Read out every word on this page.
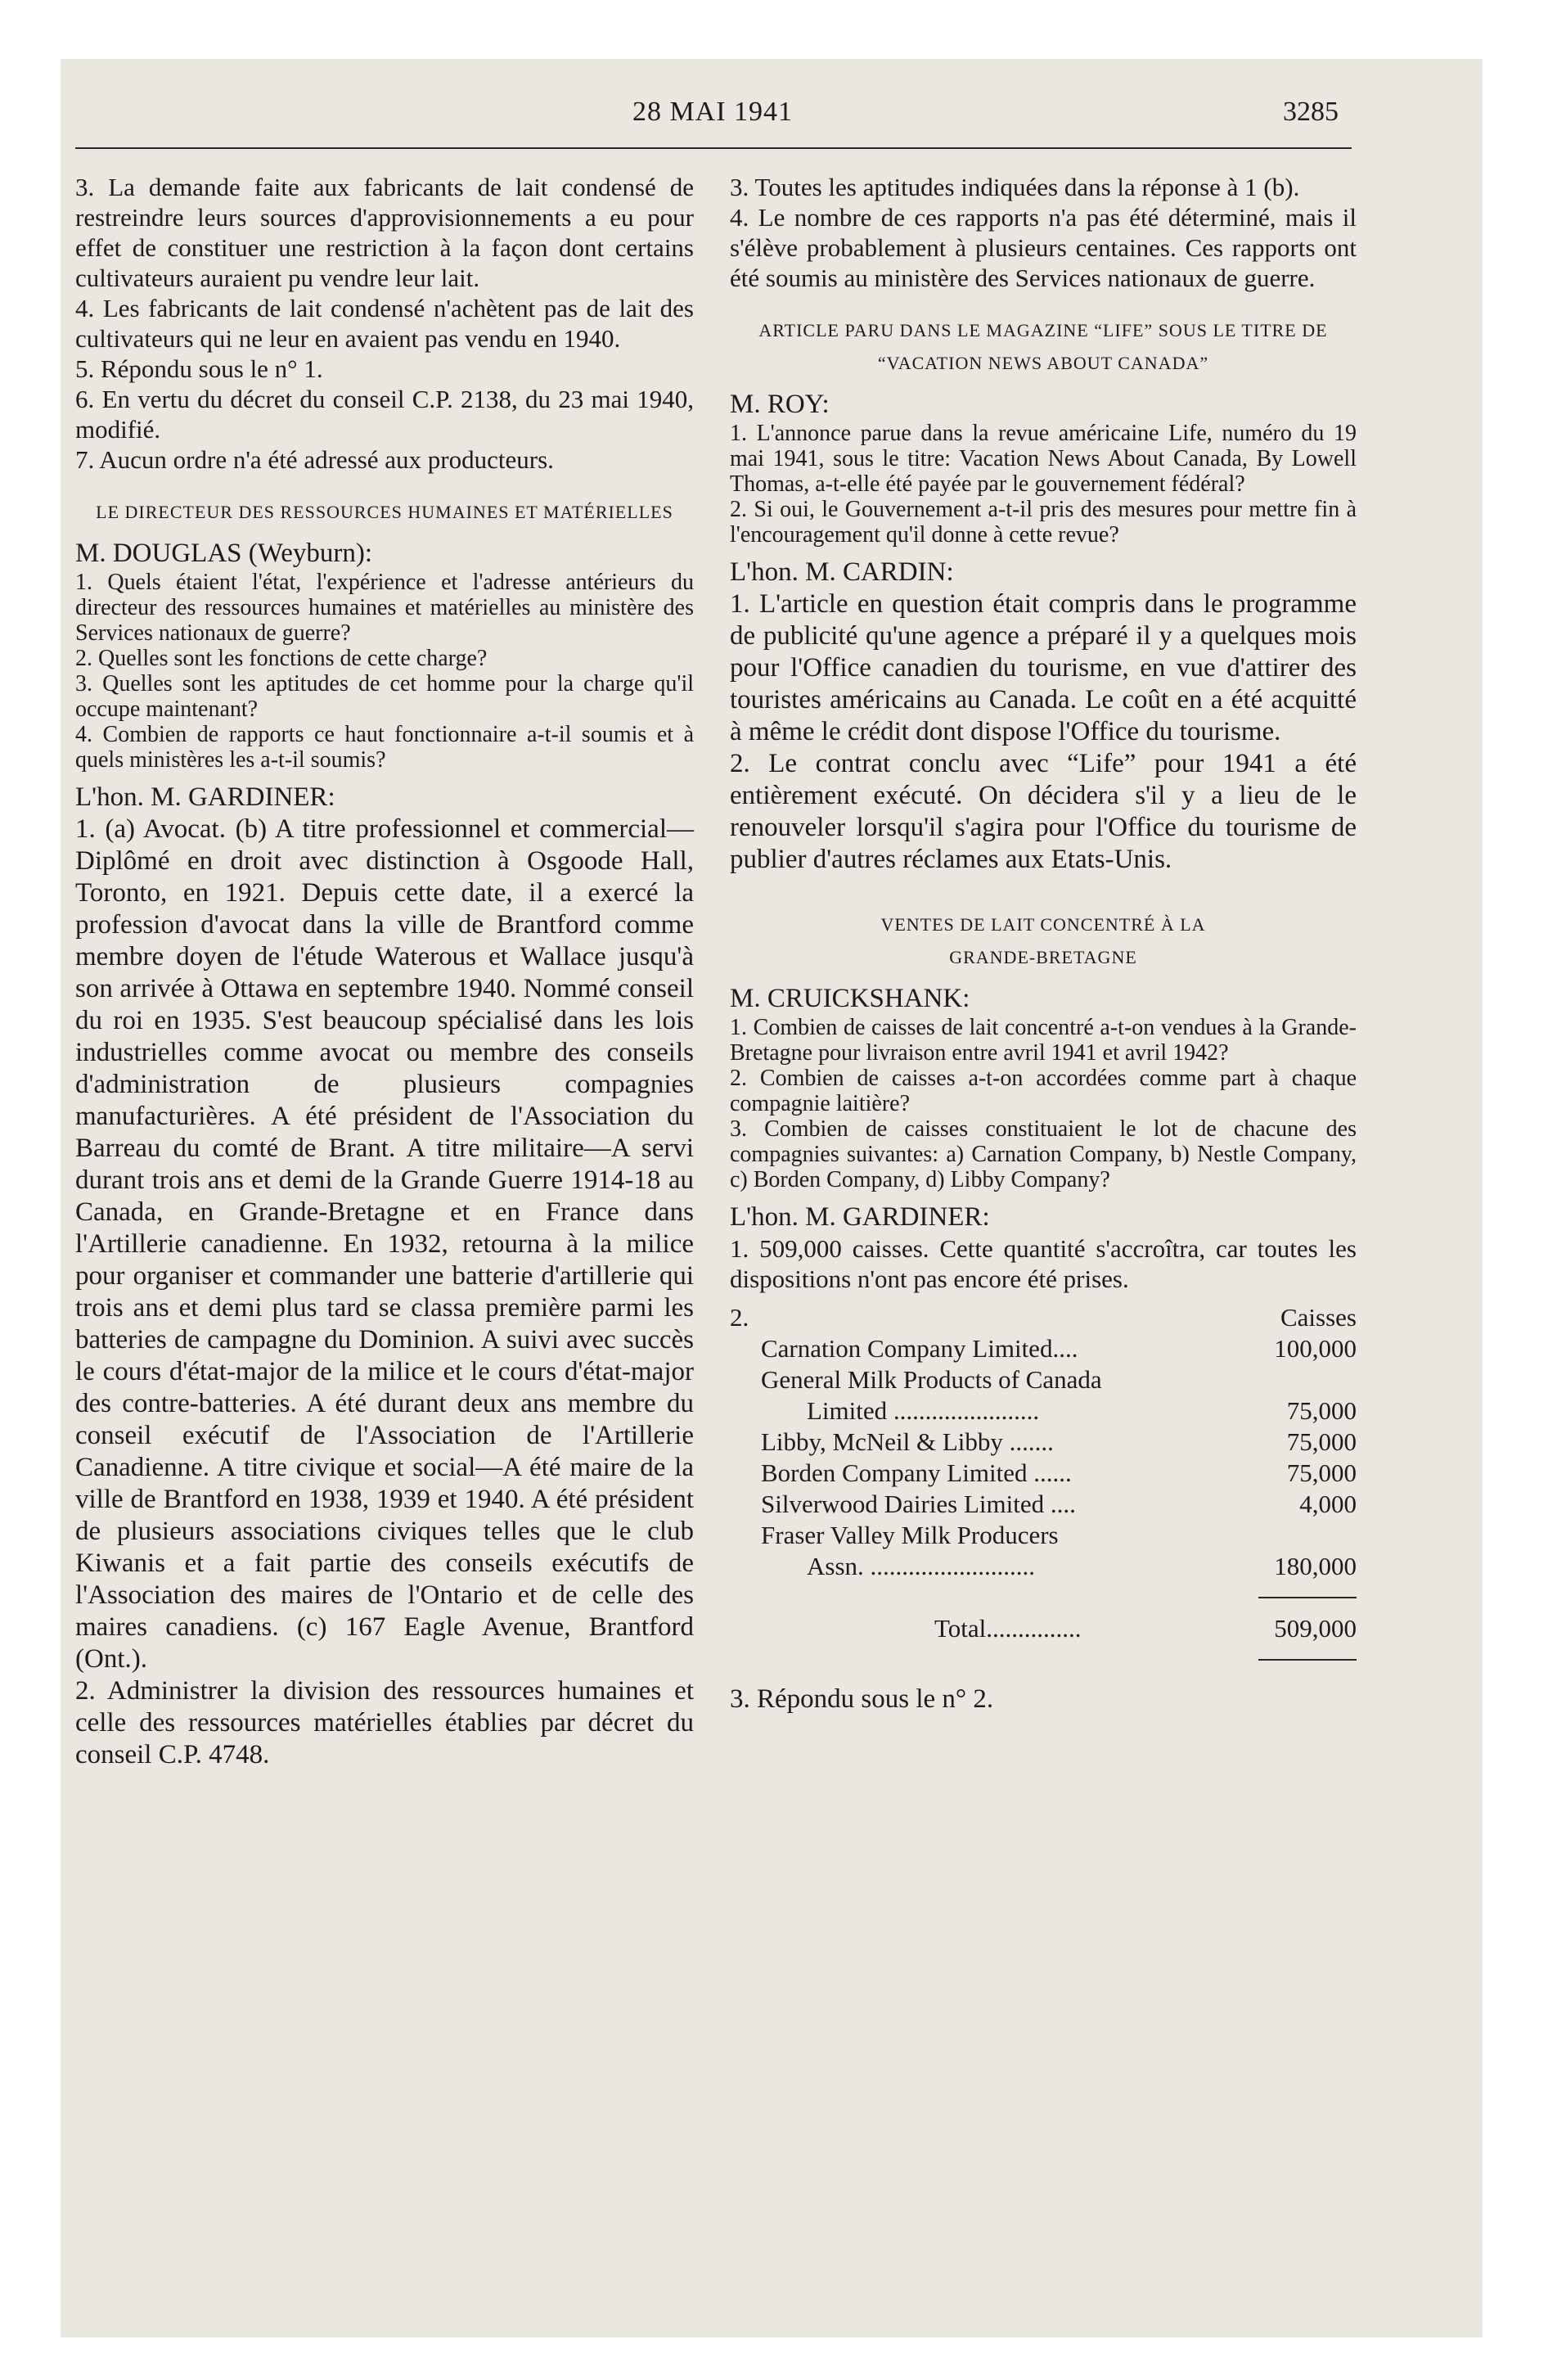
28 MAI 1941	3285

3. La demande faite aux fabricants de lait condensé de restreindre leurs sources d'approvisionnements a eu pour effet de constituer une restriction à la façon dont certains cultivateurs auraient pu vendre leur lait.

4. Les fabricants de lait condensé n'achètent pas de lait des cultivateurs qui ne leur en avaient pas vendu en 1940.

5. Répondu sous le n° 1.

6. En vertu du décret du conseil C.P. 2138, du 23 mai 1940, modifié.

7. Aucun ordre n'a été adressé aux producteurs.

LE DIRECTEUR DES RESSOURCES HUMAINES ET MATÉRIELLES

M. DOUGLAS (Weyburn):

1. Quels étaient l'état, l'expérience et l'adresse antérieurs du directeur des ressources humaines et matérielles au ministère des Services nationaux de guerre?

2. Quelles sont les fonctions de cette charge?

3. Quelles sont les aptitudes de cet homme pour la charge qu'il occupe maintenant?

4. Combien de rapports ce haut fonctionnaire a-t-il soumis et à quels ministères les a-t-il soumis?

L'hon. M. GARDINER:

1. (a) Avocat. (b) A titre professionnel et commercial—Diplômé en droit avec distinction à Osgoode Hall, Toronto, en 1921. Depuis cette date, il a exercé la profession d'avocat dans la ville de Brantford comme membre doyen de l'étude Waterous et Wallace jusqu'à son arrivée à Ottawa en septembre 1940. Nommé conseil du roi en 1935. S'est beaucoup spécialisé dans les lois industrielles comme avocat ou membre des conseils d'administration de plusieurs compagnies manufacturières. A été président de l'Association du Barreau du comté de Brant. A titre militaire—A servi durant trois ans et demi de la Grande Guerre 1914-18 au Canada, en Grande-Bretagne et en France dans l'Artillerie canadienne. En 1932, retourna à la milice pour organiser et commander une batterie d'artillerie qui trois ans et demi plus tard se classa première parmi les batteries de campagne du Dominion. A suivi avec succès le cours d'état-major de la milice et le cours d'état-major des contre-batteries. A été durant deux ans membre du conseil exécutif de l'Association de l'Artillerie Canadienne. A titre civique et social—A été maire de la ville de Brantford en 1938, 1939 et 1940. A été président de plusieurs associations civiques telles que le club Kiwanis et a fait partie des conseils exécutifs de l'Association des maires de l'Ontario et de celle des maires canadiens. (c) 167 Eagle Avenue, Brantford (Ont.).

2. Administrer la division des ressources humaines et celle des ressources matérielles établies par décret du conseil C.P. 4748.

3. Toutes les aptitudes indiquées dans la réponse à 1 (b).

4. Le nombre de ces rapports n'a pas été déterminé, mais il s'élève probablement à plusieurs centaines. Ces rapports ont été soumis au ministère des Services nationaux de guerre.

ARTICLE PARU DANS LE MAGAZINE “LIFE” SOUS LE TITRE DE “VACATION NEWS ABOUT CANADA”

M. ROY:

1. L'annonce parue dans la revue américaine Life, numéro du 19 mai 1941, sous le titre: Vacation News About Canada, By Lowell Thomas, a-t-elle été payée par le gouvernement fédéral?

2. Si oui, le Gouvernement a-t-il pris des mesures pour mettre fin à l'encouragement qu'il donne à cette revue?

L'hon. M. CARDIN:

1. L'article en question était compris dans le programme de publicité qu'une agence a préparé il y a quelques mois pour l'Office canadien du tourisme, en vue d'attirer des touristes américains au Canada. Le coût en a été acquitté à même le crédit dont dispose l'Office du tourisme.

2. Le contrat conclu avec “Life” pour 1941 a été entièrement exécuté. On décidera s'il y a lieu de le renouveler lorsqu'il s'agira pour l'Office du tourisme de publier d'autres réclames aux Etats-Unis.

VENTES DE LAIT CONCENTRÉ À LA

GRANDE-BRETAGNE

M. CRUICKSHANK:

1. Combien de caisses de lait concentré a-t-on vendues à la Grande-Bretagne pour livraison entre avril 1941 et avril 1942?

2. Combien de caisses a-t-on accordées comme part à chaque compagnie laitière?

3. Combien de caisses constituaient le lot de chacune des compagnies suivantes: a) Carnation Company, b) Nestle Company, c) Borden Company, d) Libby Company?

L'hon. M. GARDINER:

1. 509,000 caisses. Cette quantité s'accroîtra, car toutes les dispositions n'ont pas encore été prises.

2.	Caisses
Carnation Company Limited....	100,000
General Milk Products of Canada
Limited .......................	75,000
Libby, McNeil & Libby .......	75,000
Borden Company Limited ......	75,000
Silverwood Dairies Limited ....	4,000
Fraser Valley Milk Producers
Assn. ..........................	180,000
Total...............	509,000

3. Répondu sous le n° 2.
